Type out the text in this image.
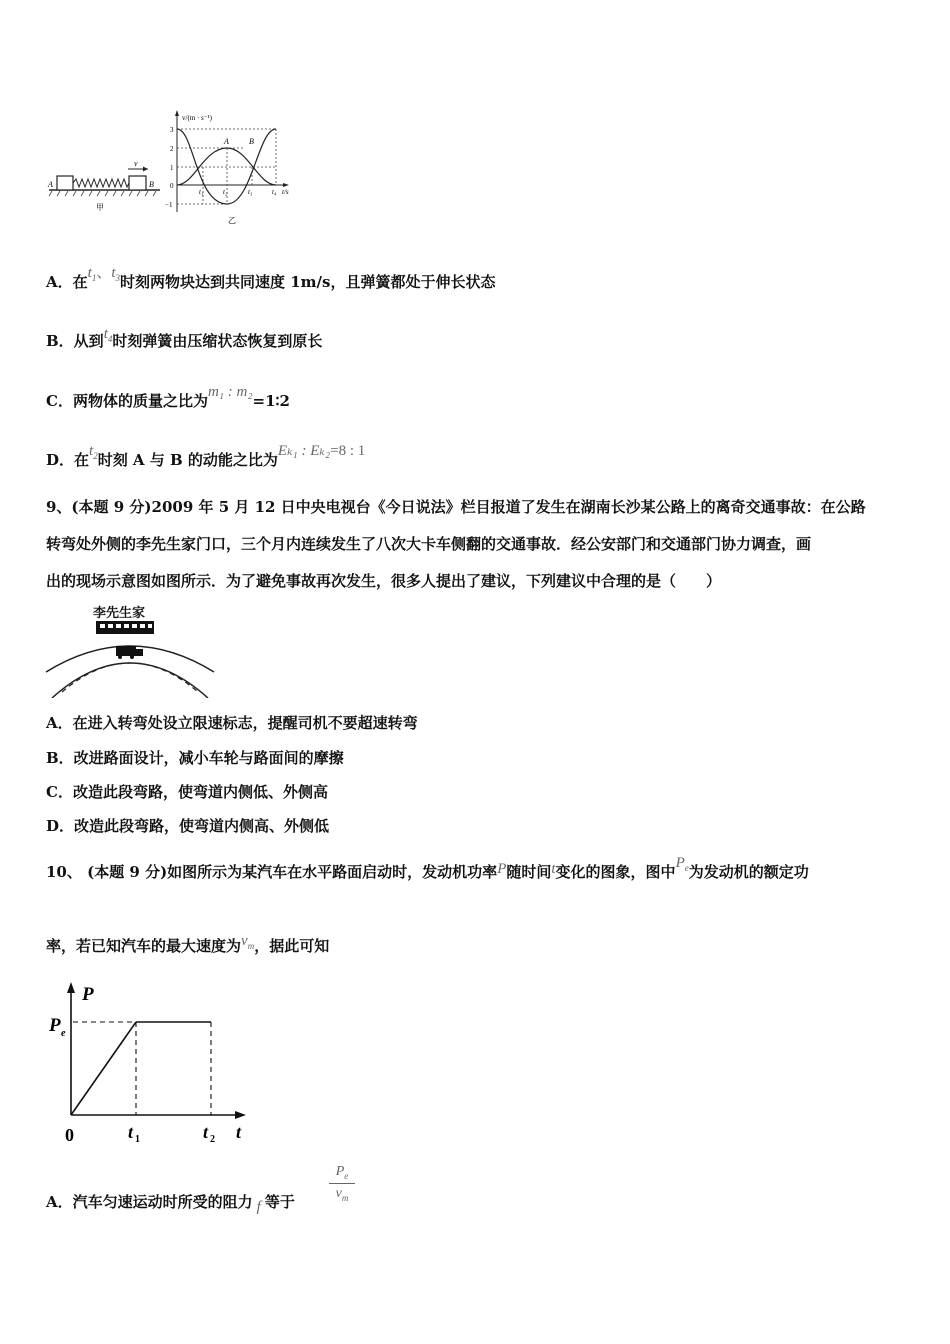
v
A	B
甲
v/(m · s⁻¹)
3
2
1
0
−1
t₁	t₂	t₃	t₄ t/s
A	B
乙
A．在$t_1$、$t_3$时刻两物块达到共同速度 1m/s，且弹簧都处于伸长状态
B．从到$t_4$时刻弹簧由压缩状态恢复到原长
C．两物体的质量之比为m₁ : m₂=1∶2
D．在$t_2$时刻 A 与 B 的动能之比为Eₖ₁ : Eₖ₂=8 : 1
9、(本题 9 分)2009 年 5 月 12 日中央电视台《今日说法》栏目报道了发生在湖南长沙某公路上的离奇交通事故：在公路
转弯处外侧的李先生家门口，三个月内连续发生了八次大卡车侧翻的交通事故．经公安部门和交通部门协力调查，画
出的现场示意图如图所示．为了避免事故再次发生，很多人提出了建议，下列建议中合理的是（　　）
李先生家
A．在进入转弯处设立限速标志，提醒司机不要超速转弯
B．改进路面设计，减小车轮与路面间的摩擦
C．改造此段弯路，使弯道内侧低、外侧高
D．改造此段弯路，使弯道内侧高、外侧低
10、 (本题 9 分)如图所示为某汽车在水平路面启动时，发动机功率P随时间t变化的图象，图中$P_e$为发动机的额定功
率，若已知汽车的最大速度为$v_m$，据此可知
P
P e
0	t 1	t 2 t
A．汽车匀速运动时所受的阻力 f 等于
$P_e$
$v_m$
